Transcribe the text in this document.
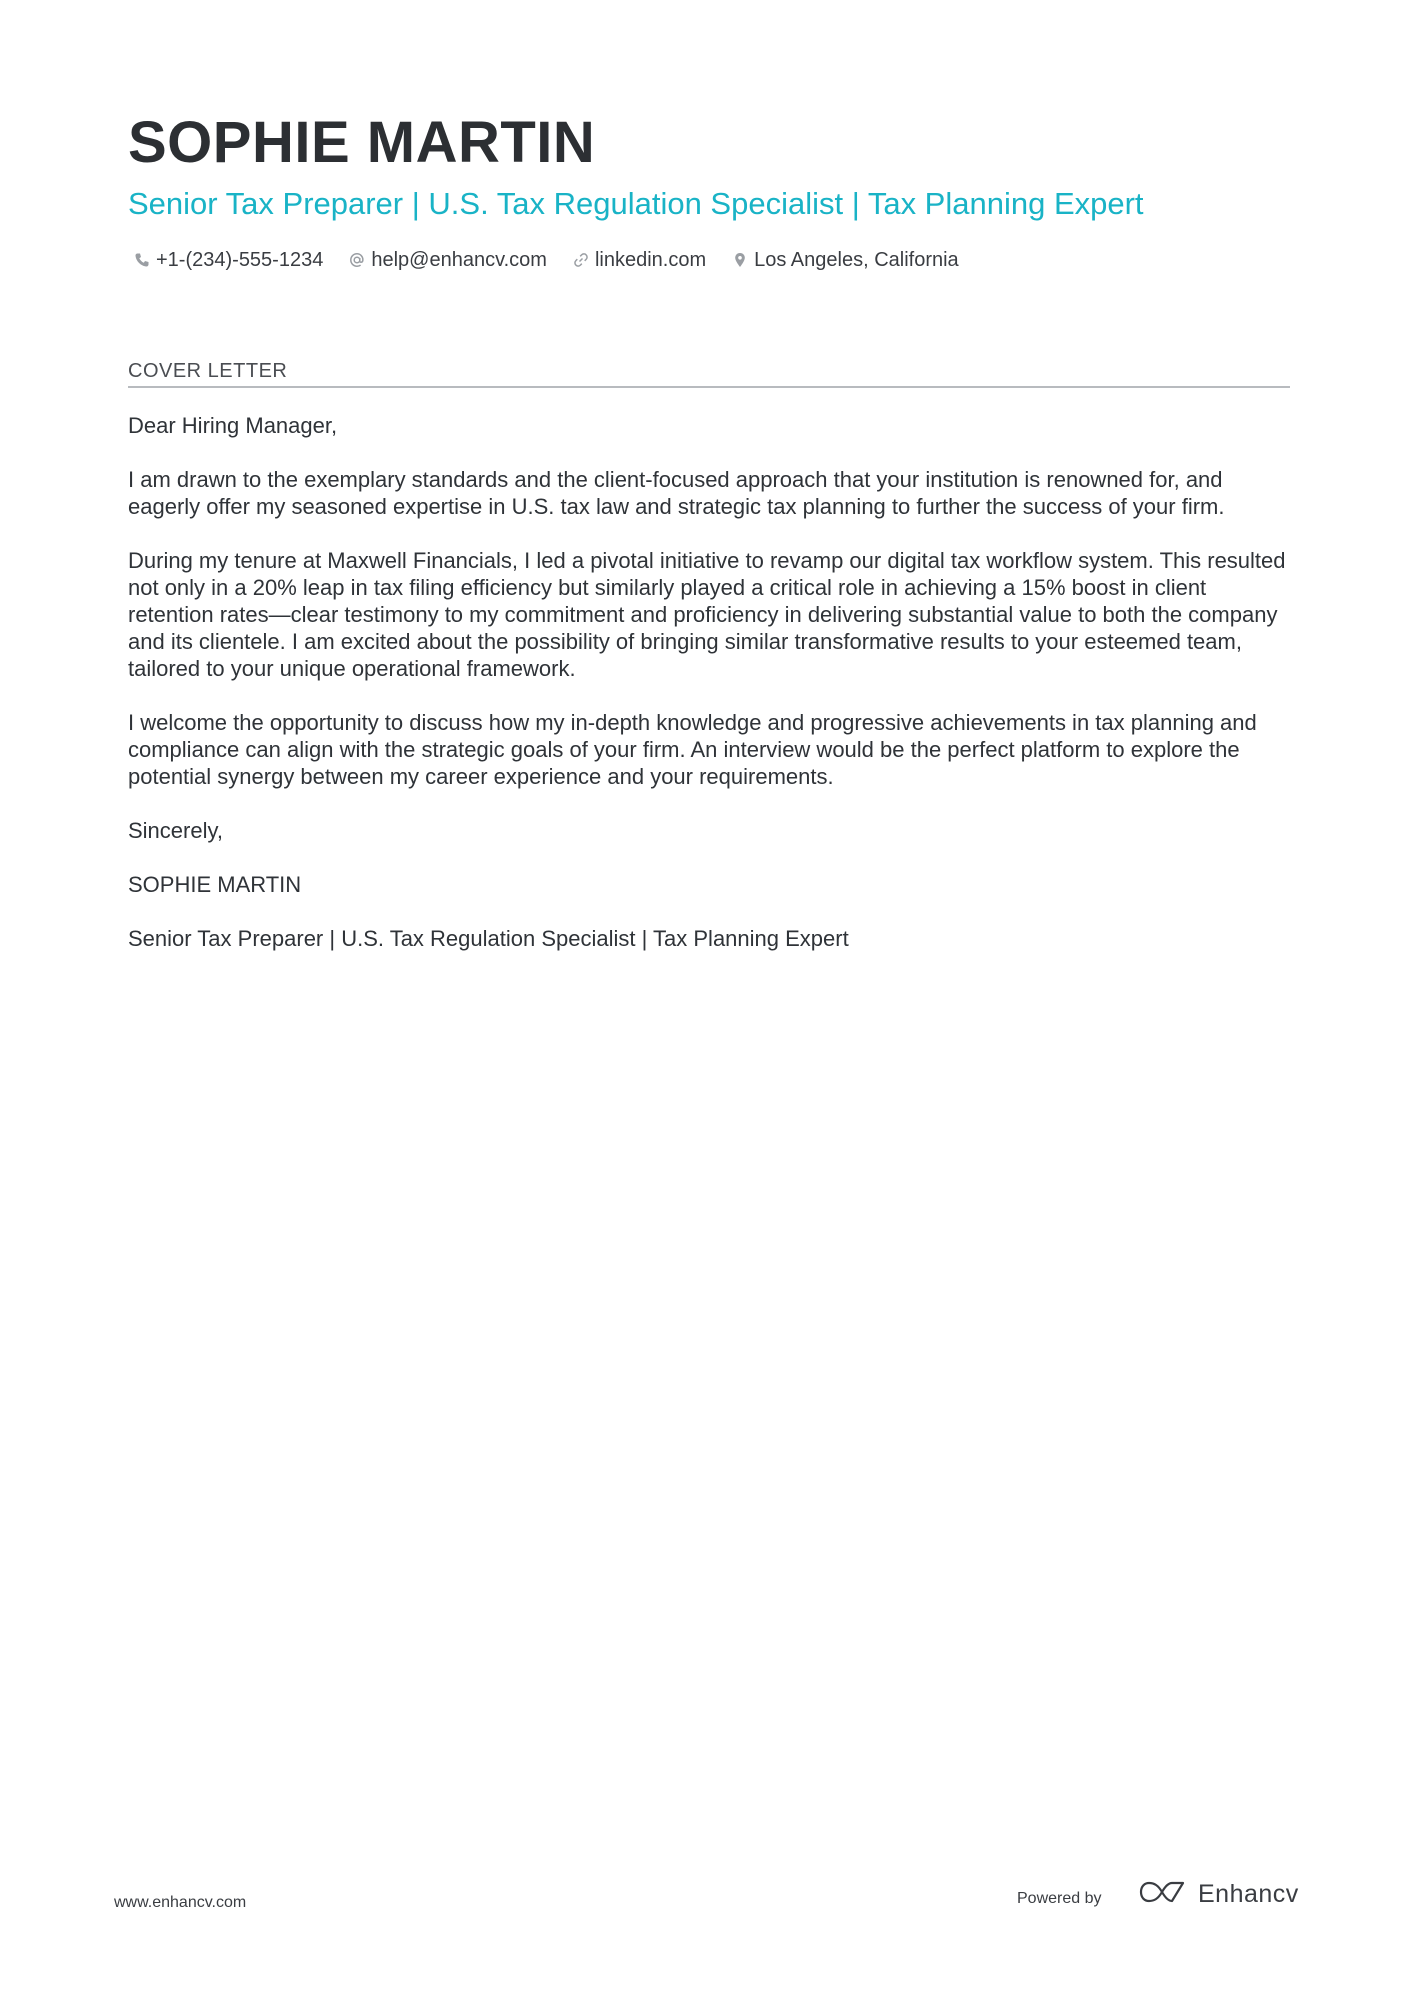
SOPHIE MARTIN
Senior Tax Preparer | U.S. Tax Regulation Specialist | Tax Planning Expert
+1-(234)-555-1234 help@enhancv.com linkedin.com Los Angeles, California
COVER LETTER

Dear Hiring Manager,

I am drawn to the exemplary standards and the client-focused approach that your institution is renowned for, and eagerly offer my seasoned expertise in U.S. tax law and strategic tax planning to further the success of your firm.

During my tenure at Maxwell Financials, I led a pivotal initiative to revamp our digital tax workflow system. This resulted not only in a 20% leap in tax filing efficiency but similarly played a critical role in achieving a 15% boost in client retention rates—clear testimony to my commitment and proficiency in delivering substantial value to both the company and its clientele. I am excited about the possibility of bringing similar transformative results to your esteemed team, tailored to your unique operational framework.

I welcome the opportunity to discuss how my in-depth knowledge and progressive achievements in tax planning and compliance can align with the strategic goals of your firm. An interview would be the perfect platform to explore the potential synergy between my career experience and your requirements.

Sincerely,

SOPHIE MARTIN

Senior Tax Preparer | U.S. Tax Regulation Specialist | Tax Planning Expert

www.enhancv.com	Powered by	Enhancv
